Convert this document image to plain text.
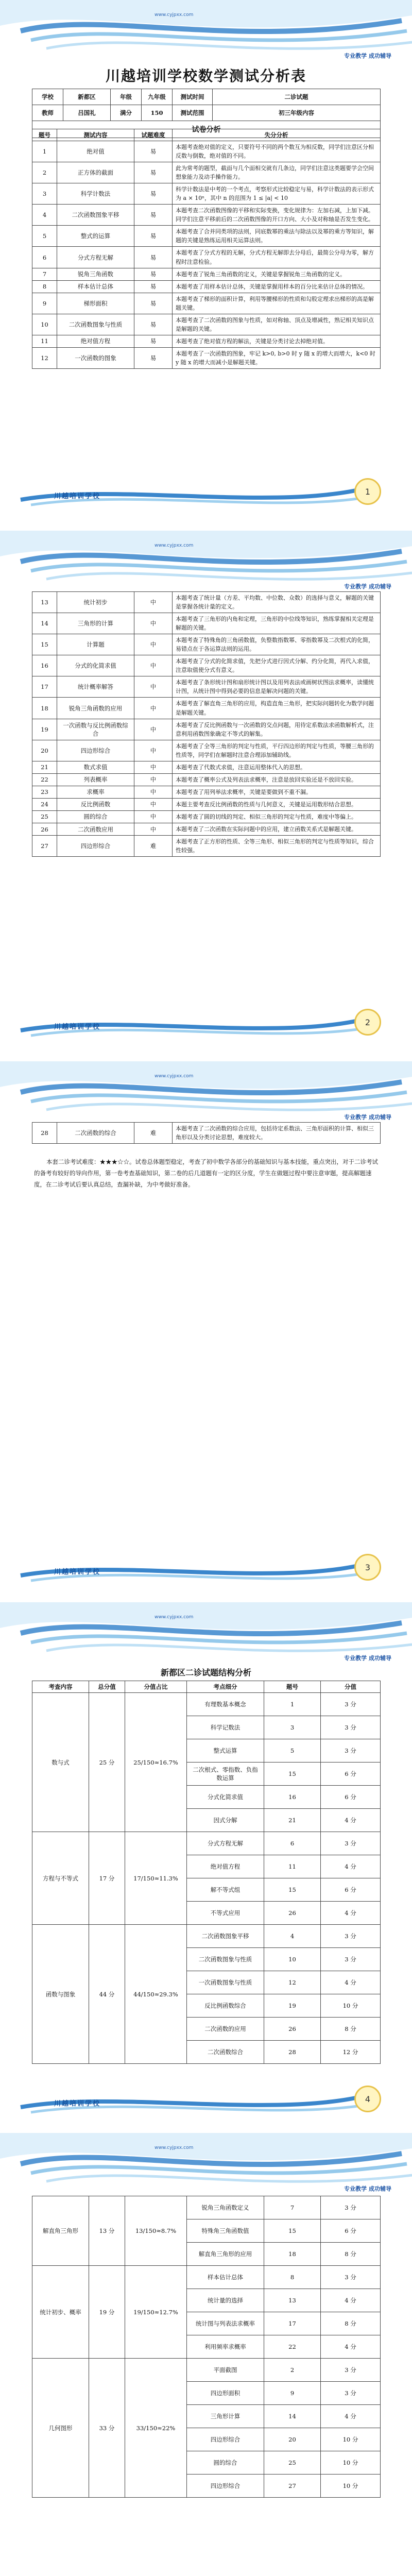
www.cyjpxx.com
专业教学 成功辅导
川越培训学校数学测试分析表
学校	新都区	年级	九年级	测试时间	二诊试题
教师	吕国礼	满分	150	测试范围	初三年级内容
试卷分析					
题号	测试内容	试题难度	失分分析
1	绝对值	易	本题考查绝对值的定义，只要符号不同的两个数互为相反数，同学们注意区分相反数与倒数，绝对值的不同。
2	正方体的截面	易	此为常考的题型，截面与几个面相交就有几条边，同学们注意这类题要学会空间想象能力及动手操作能力。
3	科学计数法	易	科学计数法是中考的一个考点，考察形式比较稳定与易，科学计数法的表示形式为 a × 10ⁿ，其中 n 的范围为 1 ≤ |a| < 10
4	二次函数图象平移	易	本题考查二次函数图像的平移和实际变换，变化规律为：左加右减，上加下减。同学们注意平移前后的二次函数图像的开口方向、大小及对称轴是否发生变化。
5	整式的运算	易	本题考查了合并同类项的法则，同底数幂的乘法与除法以及幂的乘方等知识，解题的关键是熟练运用相关运算法则。
6	分式方程无解	易	本题考查了分式方程的无解，分式方程无解即去分母后，最简公分母为零，解方程时注意检验。
7	锐角三角函数	易	本题考查了锐角三角函数的定义，关键是掌握锐角三角函数的定义。
8	样本估计总体	易	本题考查了用样本估计总体，关键是掌握用样本的百分比来估计总体的情况。
9	梯形面积	易	本题考查了梯形的面积计算，利用等腰梯形的性质和勾股定理求出梯形的高是解题关键。
10	二次函数图象与性质	易	本题考查了二次函数的图象与性质，如对称轴、顶点及增减性，熟记相关知识点是解题的关键。
11	绝对值方程	易	本题考查了绝对值方程的解法，关键是分类讨论去掉绝对值。
12	一次函数的图象	易	本题考查了一次函数的图象，牢记 k>0, b>0 时 y 随 x 的增大而增大，k<0 时 y 随 x 的增大而减小是解题关键。
川越培训学校	1
www.cyjpxx.com
专业教学 成功辅导
13	统计初步	中	本题考查了统计量（方差、平均数、中位数、众数）的选择与意义，解题的关键是掌握各统计量的定义。
14	三角形的计算	中	本题考查了三角形的内角和定理，三角形的中位线等知识，熟练掌握相关定理是解题的关键。
15	计算题	中	本题考查了特殊角的三角函数值，负整数指数幂、零指数幂及二次根式的化简，易错点在于各运算法则的运用。
16	分式的化简求值	中	本题考查了分式的化简求值，先把分式进行因式分解、约分化简，再代入求值，注意取值使分式有意义。
17	统计概率解答	中	本题考查了条形统计图和扇形统计图以及用列表法或画树状图法求概率，读懂统计图，从统计图中得到必要的信息是解决问题的关键。
18	锐角三角函数的应用	中	本题考查了解直角三角形的应用，构造直角三角形，把实际问题转化为数学问题是解题关键。
19	一次函数与反比例函数综合	中	本题考查了反比例函数与一次函数的交点问题，用待定系数法求函数解析式，注意利用函数图象确定不等式的解集。
20	四边形综合	中	本题考查了全等三角形的判定与性质，平行四边形的判定与性质，等腰三角形的性质等，同学们在解题时注意合理添加辅助线。
21	数式求值	中	本题考查了代数式求值，注意运用整体代入的思想。
22	列表概率	中	本题考查了概率公式及列表法求概率，注意是放回实验还是不放回实验。
23	求概率	中	本题考查了用列举法求概率，关键是要做到不重不漏。
24	反比例函数	中	本题主要考查反比例函数的性质与几何意义，关键是运用数形结合思想。
25	圆的综合	中	本题考查了圆的切线的判定、相似三角形的判定与性质，难度中等偏上。
26	二次函数应用	中	本题考查了二次函数在实际问题中的应用，建立函数关系式是解题关键。
27	四边形综合	难	本题考查了正方形的性质、全等三角形、相似三角形的判定与性质等知识，综合性较强。
川越培训学校	2
www.cyjpxx.com
专业教学 成功辅导
28	二次函数的综合	难	本题考查了二次函数的综合应用，包括待定系数法、三角形面积的计算、相似三角形以及分类讨论思想，难度较大。
本套二诊考试难度：★★★☆☆。试卷总体题型稳定，考查了初中数学各部分的基础知识与基本技能，重点突出，对于二诊考试的备考有较好的导向作用，第一卷考查基础知识，第二卷的后几道题有一定的区分度，学生在做题过程中要注意审题，提高解题速度，在二诊考试后要认真总结，查漏补缺，为中考做好准备。
川越培训学校	3
www.cyjpxx.com
专业教学 成功辅导
新都区二诊试题结构分析
考查内容	总分值	分值占比	考点细分	题号	分值
数与式	25 分	25/150≈16.7%	有理数基本概念	1	3 分
			科学记数法	3	3 分
			整式运算	5	3 分
			二次根式、零指数、负指数运算	15	6 分
			分式化简求值	16	6 分
			因式分解	21	4 分
方程与不等式	17 分	17/150≈11.3%	分式方程无解	6	3 分
			绝对值方程	11	4 分
			解不等式组	15	6 分
			不等式应用	26	4 分
函数与图象	44 分	44/150≈29.3%	二次函数图象平移	4	3 分
			二次函数图象与性质	10	3 分
			一次函数图象与性质	12	4 分
			反比例函数综合	19	10 分
			二次函数的应用	26	8 分
			二次函数综合	28	12 分
川越培训学校	4
www.cyjpxx.com
专业教学 成功辅导
解直角三角形	13 分	13/150≈8.7%	锐角三角函数定义	7	3 分
			特殊角三角函数值	15	6 分
			解直角三角形的应用	18	8 分
统计初步、概率	19 分	19/150≈12.7%	样本估计总体	8	3 分
			统计量的选择	13	4 分
			统计图与列表法求概率	17	8 分
			利用频率求概率	22	4 分
几何图形	33 分	33/150≈22%	平面截图	2	3 分
			四边形面积	9	3 分
			三角形计算	14	4 分
			四边形综合	20	10 分
			圆的综合	25	10 分
			四边形综合	27	10 分
